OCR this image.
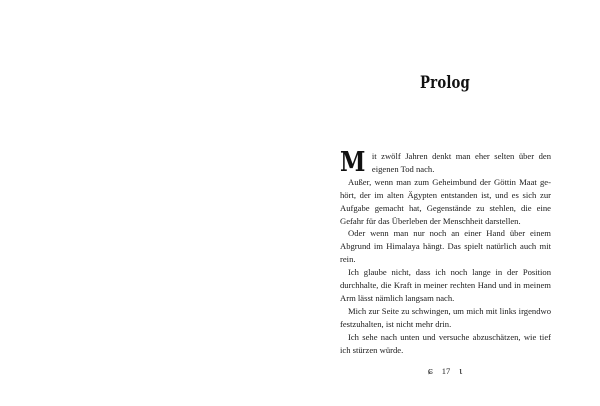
Prolog

Mit zwölf Jahren denkt man eher selten über den eigenen Tod nach.

Außer, wenn man zum Geheimbund der Göttin Maat gehört, der im alten Ägypten entstanden ist, und es sich zur Aufgabe gemacht hat, Gegenstände zu stehlen, die eine Gefahr für das Überleben der Menschheit darstellen.

Oder wenn man nur noch an einer Hand über einem Abgrund im Himalaya hängt. Das spielt natürlich auch mit rein.

Ich glaube nicht, dass ich noch lange in der Position durchhalte, die Kraft in meiner rechten Hand und in meinem Arm lässt nämlich langsam nach.

Mich zur Seite zu schwingen, um mich mit links irgendwo festzuhalten, ist nicht mehr drin.

Ich sehe nach unten und versuche abzuschätzen, wie tief ich stürzen würde.

ɕ 17 ɩ
